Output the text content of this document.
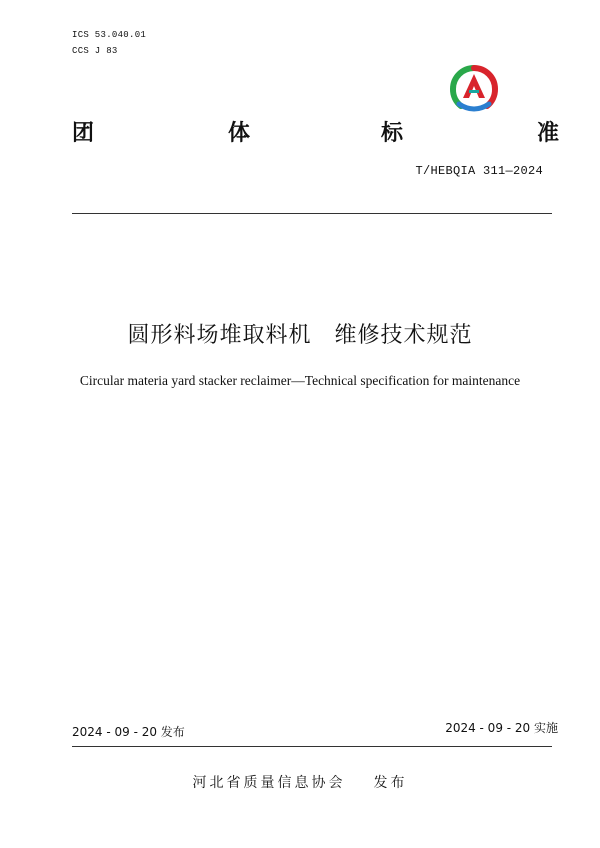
ICS 53.040.01
CCS J 83
团	体	标	准
T/HEBQIA 311—2024
圆形料场堆取料机　维修技术规范
Circular materia yard stacker reclaimer—Technical specification for maintenance
2024 - 09 - 20 发布	2024 - 09 - 20 实施
河北省质量信息协会 发布
